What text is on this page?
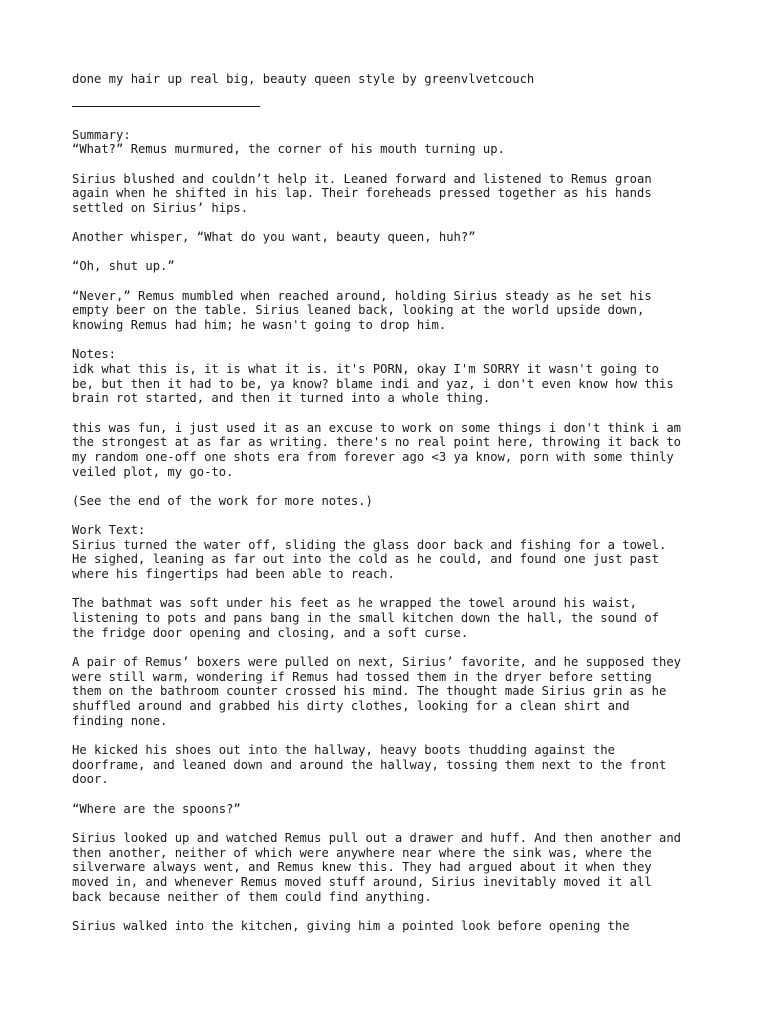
done my hair up real big, beauty queen style by greenvlvetcouch

Summary:

“What?” Remus murmured, the corner of his mouth turning up.

Sirius blushed and couldn’t help it. Leaned forward and listened to Remus groan
again when he shifted in his lap. Their foreheads pressed together as his hands
settled on Sirius’ hips.

Another whisper, “What do you want, beauty queen, huh?”

“Oh, shut up.”

“Never,” Remus mumbled when reached around, holding Sirius steady as he set his
empty beer on the table. Sirius leaned back, looking at the world upside down,
knowing Remus had him; he wasn't going to drop him.

Notes:

idk what this is, it is what it is. it's PORN, okay I'm SORRY it wasn't going to
be, but then it had to be, ya know? blame indi and yaz, i don't even know how this
brain rot started, and then it turned into a whole thing.

this was fun, i just used it as an excuse to work on some things i don't think i am
the strongest at as far as writing. there's no real point here, throwing it back to
my random one-off one shots era from forever ago <3 ya know, porn with some thinly
veiled plot, my go-to.

(See the end of the work for more notes.)

Work Text:

Sirius turned the water off, sliding the glass door back and fishing for a towel.
He sighed, leaning as far out into the cold as he could, and found one just past
where his fingertips had been able to reach.

The bathmat was soft under his feet as he wrapped the towel around his waist,
listening to pots and pans bang in the small kitchen down the hall, the sound of
the fridge door opening and closing, and a soft curse.

A pair of Remus’ boxers were pulled on next, Sirius’ favorite, and he supposed they
were still warm, wondering if Remus had tossed them in the dryer before setting
them on the bathroom counter crossed his mind. The thought made Sirius grin as he
shuffled around and grabbed his dirty clothes, looking for a clean shirt and
finding none.

He kicked his shoes out into the hallway, heavy boots thudding against the
doorframe, and leaned down and around the hallway, tossing them next to the front
door.

“Where are the spoons?”

Sirius looked up and watched Remus pull out a drawer and huff. And then another and
then another, neither of which were anywhere near where the sink was, where the
silverware always went, and Remus knew this. They had argued about it when they
moved in, and whenever Remus moved stuff around, Sirius inevitably moved it all
back because neither of them could find anything.

Sirius walked into the kitchen, giving him a pointed look before opening the
